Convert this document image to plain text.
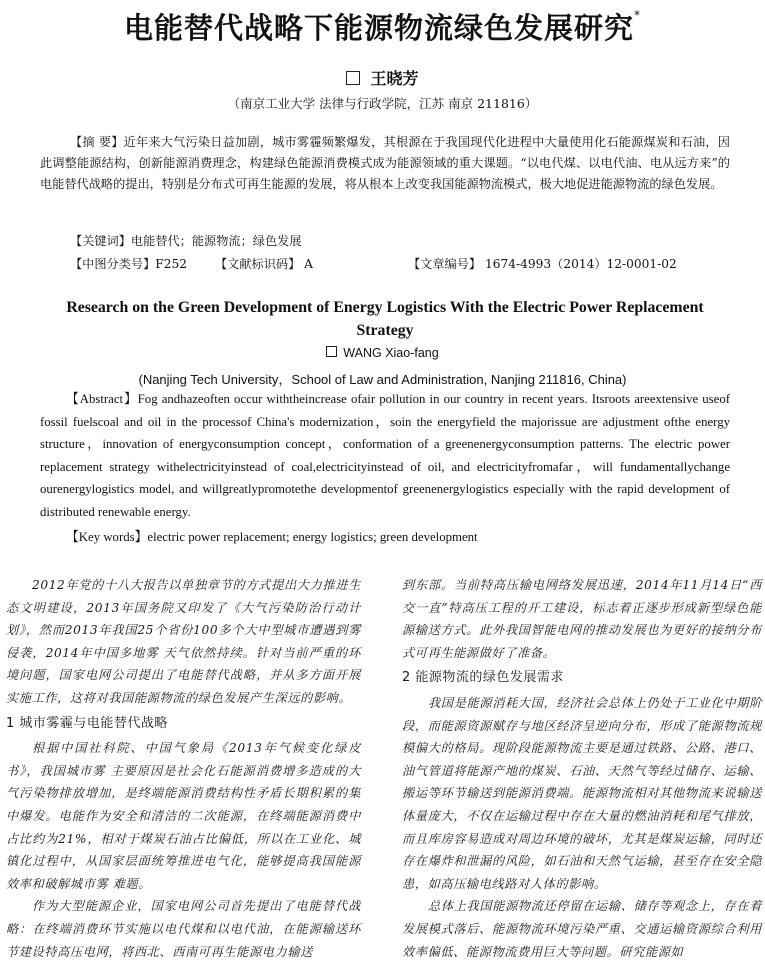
电能替代战略下能源物流绿色发展研究*
王晓芳
（南京工业大学 法律与行政学院，江苏 南京 211816）
【摘 要】近年来大气污染日益加剧，城市雾霾频繁爆发，其根源在于我国现代化进程中大量使用化石能源煤炭和石油，因此调整能源结构，创新能源消费理念，构建绿色能源消费模式成为能源领域的重大课题。“以电代煤、以电代油、电从远方来”的电能替代战略的提出，特别是分布式可再生能源的发展，将从根本上改变我国能源物流模式，极大地促进能源物流的绿色发展。
【关键词】电能替代；能源物流；绿色发展
【中图分类号】F252 【文献标识码】 A	【文章编号】 1674-4993（2014）12-0001-02
Research on the Green Development of Energy Logistics With the Electric Power Replacement Strategy
WANG Xiao-fang
(Nanjing Tech University，School of Law and Administration, Nanjing 211816, China)
【Abstract】Fog andhazeoften occur withtheincrease ofair pollution in our country in recent years. Itsroots areextensive useof fossil fuelscoal and oil in the processof China's modernization，soin the energyfield the majorissue are adjustment ofthe energy structure，innovation of energyconsumption concept，conformation of a greenenergyconsumption patterns. The electric power replacement strategy withelectricityinstead of coal,electricityinstead of oil, and electricityfromafar，will fundamentallychange ourenergylogistics model, and willgreatlypromotethe developmentof greenenergylogistics especially with the rapid development of distributed renewable energy.
【Key words】electric power replacement; energy logistics; green development

2012年党的十八大报告以单独章节的方式提出大力推进生态文明建设，2013年国务院又印发了《大气污染防治行动计划》，然而2013年我国25个省份100多个大中型城市遭遇到雾 侵袭，2014年中国多地雾 天气依然持续。针对当前严重的环境问题，国家电网公司提出了电能替代战略，并从多方面开展实施工作，这将对我国能源物流的绿色发展产生深远的影响。

1 城市雾霾与电能替代战略

根据中国社科院、中国气象局《2013年气候变化绿皮书》，我国城市雾 主要原因是社会化石能源消费增多造成的大气污染物排放增加，是终端能源消费结构性矛盾长期积累的集中爆发。电能作为安全和清洁的二次能源，在终端能源消费中占比约为21%，相对于煤炭石油占比偏低，所以在工业化、城镇化过程中，从国家层面统筹推进电气化，能够提高我国能源效率和破解城市雾 难题。

作为大型能源企业，国家电网公司首先提出了电能替代战略：在终端消费环节实施以电代煤和以电代油，在能源输送环节建设特高压电网，将西北、西南可再生能源电力输送

到东部。当前特高压输电网络发展迅速，2014年11月14日“西交一直”特高压工程的开工建设，标志着正逐步形成新型绿色能源输送方式。此外我国智能电网的推动发展也为更好的接纳分布式可再生能源做好了准备。

2 能源物流的绿色发展需求

我国是能源消耗大国，经济社会总体上仍处于工业化中期阶段，而能源资源赋存与地区经济呈逆向分布，形成了能源物流规模偏大的格局。现阶段能源物流主要是通过铁路、公路、港口、油气管道将能源产地的煤炭、石油、天然气等经过储存、运输、搬运等环节输送到能源消费端。能源物流相对其他物流来说输送体量庞大，不仅在运输过程中存在大量的燃油消耗和尾气排放，而且库房容易造成对周边环境的破坏，尤其是煤炭运输，同时还存在爆炸和泄漏的风险，如石油和天然气运输，甚至存在安全隐患，如高压输电线路对人体的影响。

总体上我国能源物流还停留在运输、储存等观念上，存在着发展模式落后、能源物流环境污染严重、交通运输资源综合利用效率偏低、能源物流费用巨大等问题。研究能源如
